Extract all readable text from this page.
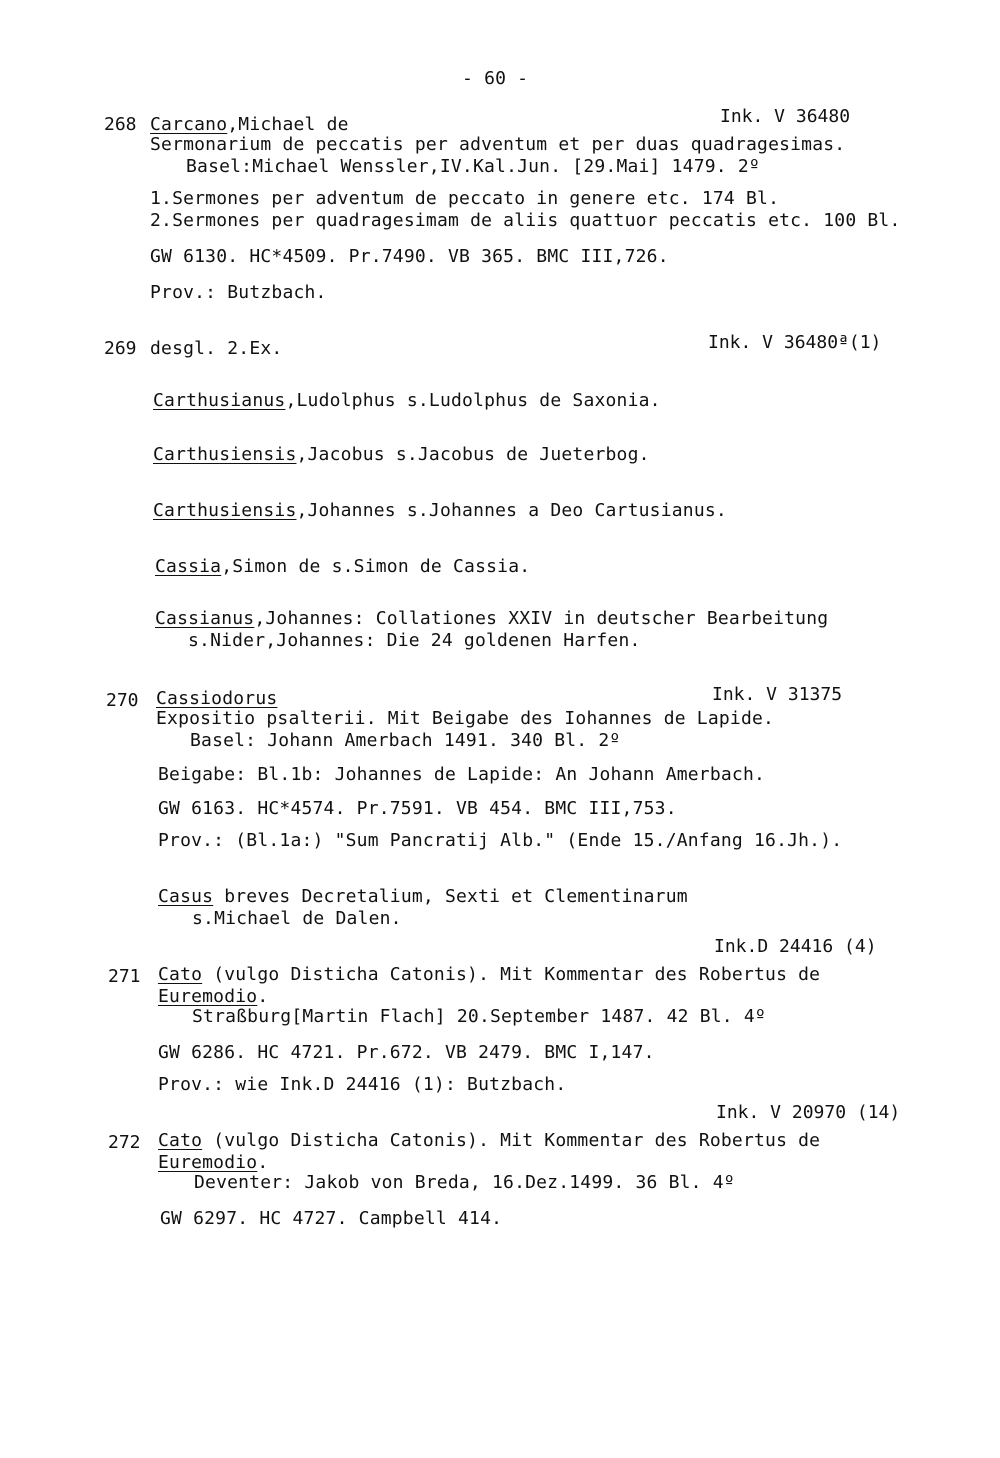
- 60 -
268	Ink. V 36480
Carcano,Michael de
Sermonarium de peccatis per adventum et per duas quadragesimas.
Basel:Michael Wenssler,IV.Kal.Jun. [29.Mai] 1479. 2º
1.Sermones per adventum de peccato in genere etc. 174 Bl.
2.Sermones per quadragesimam de aliis quattuor peccatis etc. 100 Bl.
GW 6130. HC*4509. Pr.7490. VB 365. BMC III,726.
Prov.: Butzbach.
269 desgl. 2.Ex.	Ink. V 36480ª(1)
Carthusianus,Ludolphus s.Ludolphus de Saxonia.
Carthusiensis,Jacobus s.Jacobus de Jueterbog.
Carthusiensis,Johannes s.Johannes a Deo Cartusianus.
Cassia,Simon de s.Simon de Cassia.
Cassianus,Johannes: Collationes XXIV in deutscher Bearbeitung
s.Nider,Johannes: Die 24 goldenen Harfen.
270	Ink. V 31375
Cassiodorus
Expositio psalterii. Mit Beigabe des Iohannes de Lapide.
Basel: Johann Amerbach 1491. 340 Bl. 2º
Beigabe: Bl.1b: Johannes de Lapide: An Johann Amerbach.
GW 6163. HC*4574. Pr.7591. VB 454. BMC III,753.
Prov.: (Bl.1a:) "Sum Pancratij Alb." (Ende 15./Anfang 16.Jh.).
Casus breves Decretalium, Sexti et Clementinarum
s.Michael de Dalen.
Ink.D 24416 (4)
271 Cato (vulgo Disticha Catonis). Mit Kommentar des Robertus de
Euremodio.
Straßburg[Martin Flach] 20.September 1487. 42 Bl. 4º
GW 6286. HC 4721. Pr.672. VB 2479. BMC I,147.
Prov.: wie Ink.D 24416 (1): Butzbach.
Ink. V 20970 (14)
272 Cato (vulgo Disticha Catonis). Mit Kommentar des Robertus de
Euremodio.
Deventer: Jakob von Breda, 16.Dez.1499. 36 Bl. 4º
GW 6297. HC 4727. Campbell 414.
